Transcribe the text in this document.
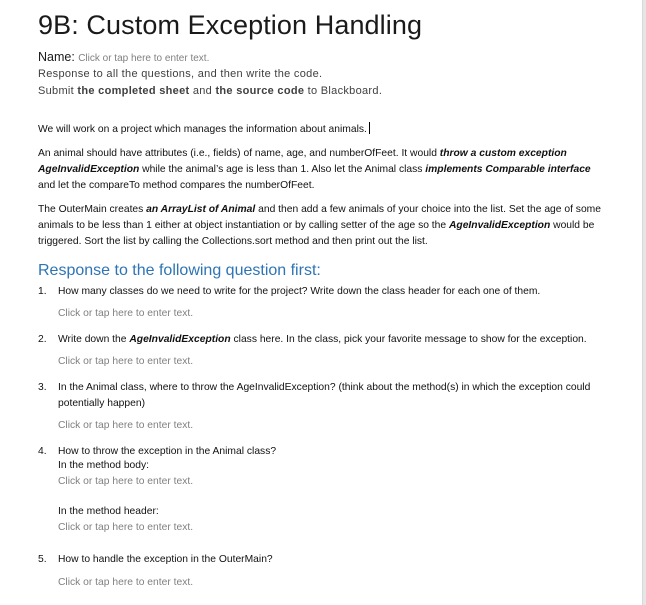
9B: Custom Exception Handling
Name: Click or tap here to enter text.
Response to all the questions, and then write the code.
Submit the completed sheet and the source code to Blackboard.
We will work on a project which manages the information about animals.
An animal should have attributes (i.e., fields) of name, age, and numberOfFeet. It would throw a custom exception AgeInvalidException while the animal’s age is less than 1. Also let the Animal class implements Comparable interface and let the compareTo method compares the numberOfFeet.
The OuterMain creates an ArrayList of Animal and then add a few animals of your choice into the list. Set the age of some animals to be less than 1 either at object instantiation or by calling setter of the age so the AgeInvalidException would be triggered. Sort the list by calling the Collections.sort method and then print out the list.
Response to the following question first:
1.	How many classes do we need to write for the project? Write down the class header for each one of them.
Click or tap here to enter text.
2.	Write down the AgeInvalidException class here. In the class, pick your favorite message to show for the exception.
Click or tap here to enter text.
3.	In the Animal class, where to throw the AgeInvalidException? (think about the method(s) in which the exception could potentially happen)
Click or tap here to enter text.
4.	How to throw the exception in the Animal class?
In the method body:
Click or tap here to enter text.
In the method header:
Click or tap here to enter text.
5.	How to handle the exception in the OuterMain?
Click or tap here to enter text.
